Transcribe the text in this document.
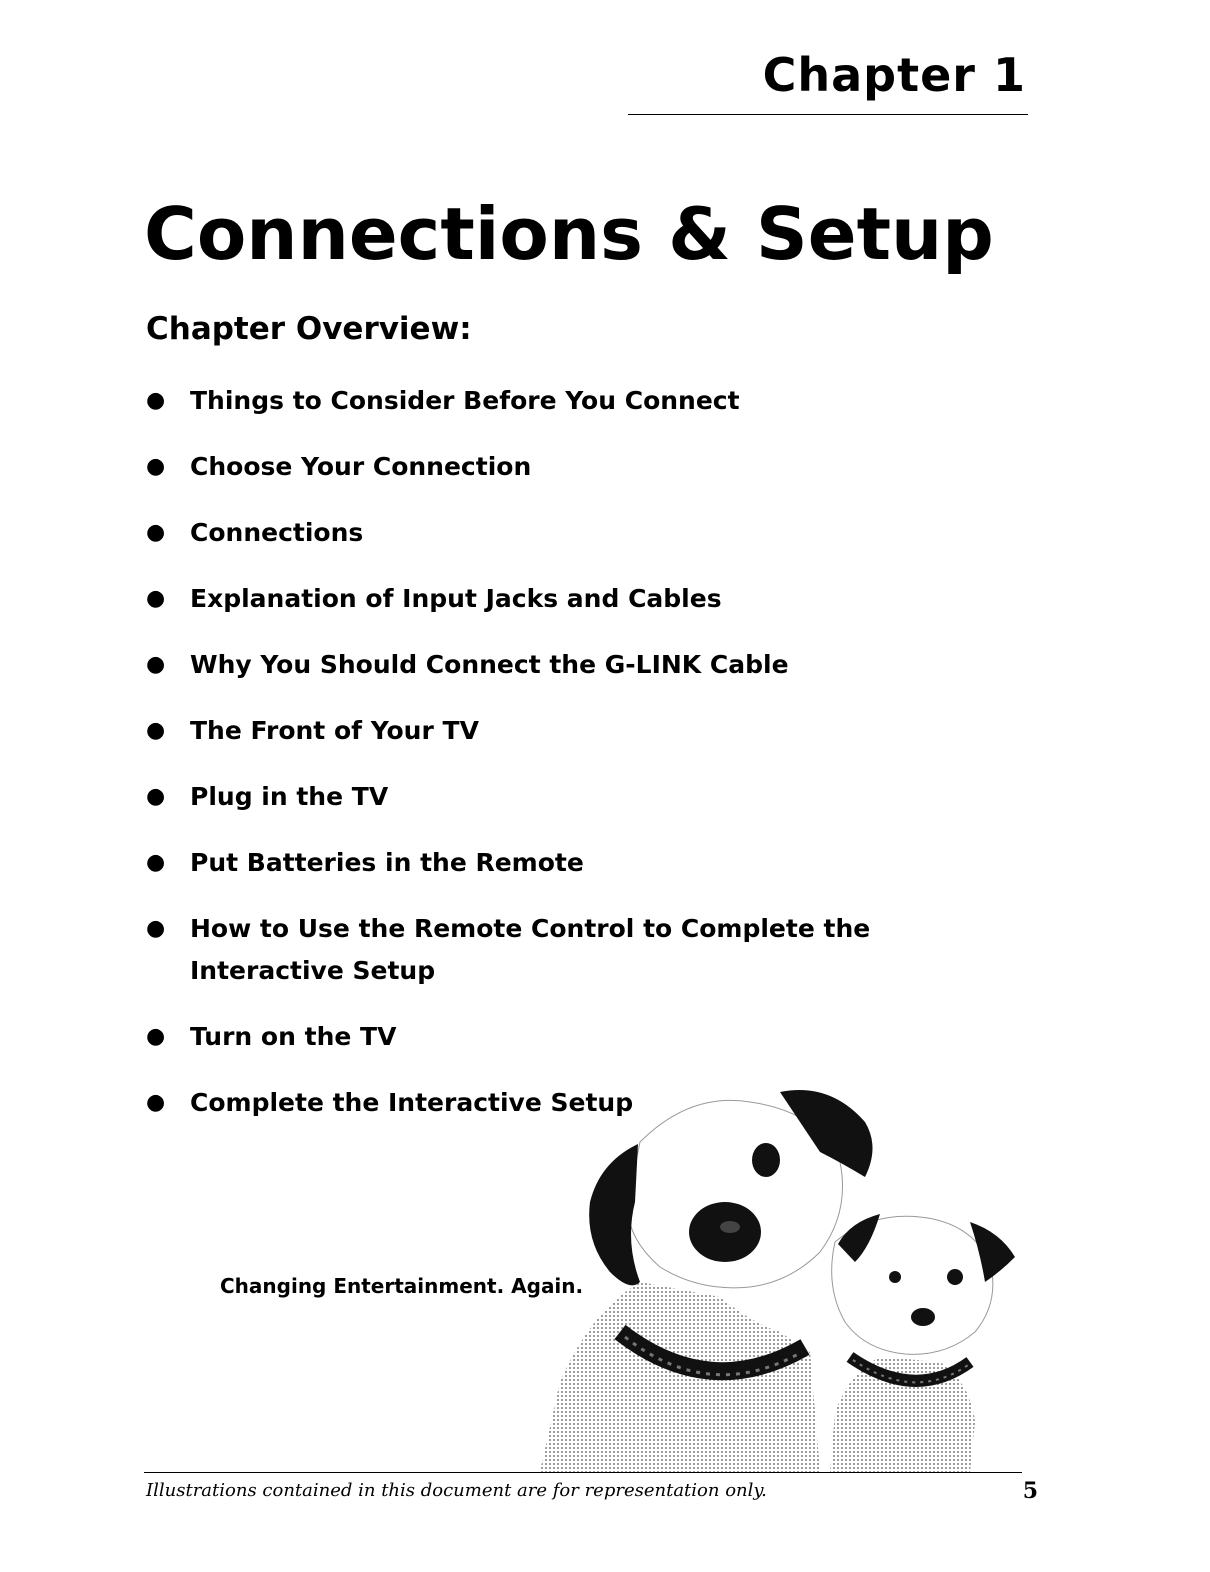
Chapter 1
Connections & Setup
Chapter Overview:
● Things to Consider Before You Connect
● Choose Your Connection
● Connections
● Explanation of Input Jacks and Cables
● Why You Should Connect the G-LINK Cable
● The Front of Your TV
● Plug in the TV
● Put Batteries in the Remote
● How to Use the Remote Control to Complete the Interactive Setup
● Turn on the TV
● Complete the Interactive Setup
Changing Entertainment. Again.
Illustrations contained in this document are for representation only.	5
